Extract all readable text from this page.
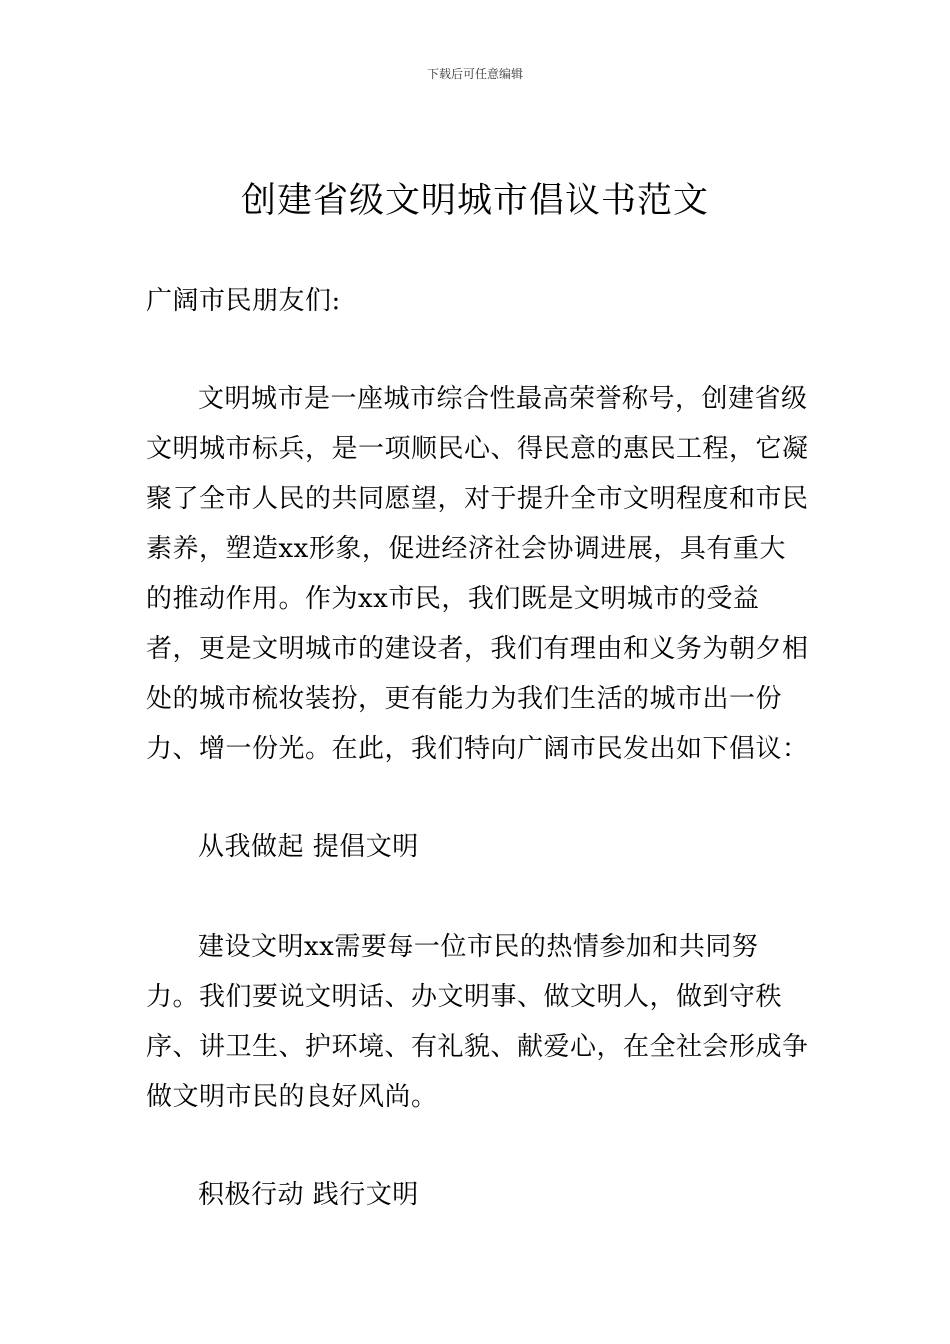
下载后可任意编辑
创建省级文明城市倡议书范文

广阔市民朋友们:

文明城市是一座城市综合性最高荣誉称号，创建省级文明城市标兵，是一项顺民心、得民意的惠民工程，它凝聚了全市人民的共同愿望，对于提升全市文明程度和市民素养，塑造xx形象，促进经济社会协调进展，具有重大的推动作用。作为xx市民，我们既是文明城市的受益者，更是文明城市的建设者，我们有理由和义务为朝夕相处的城市梳妆装扮，更有能力为我们生活的城市出一份力、增一份光。在此，我们特向广阔市民发出如下倡议：

从我做起 提倡文明

建设文明xx需要每一位市民的热情参加和共同努力。我们要说文明话、办文明事、做文明人，做到守秩序、讲卫生、护环境、有礼貌、献爱心，在全社会形成争做文明市民的良好风尚。

积极行动 践行文明
